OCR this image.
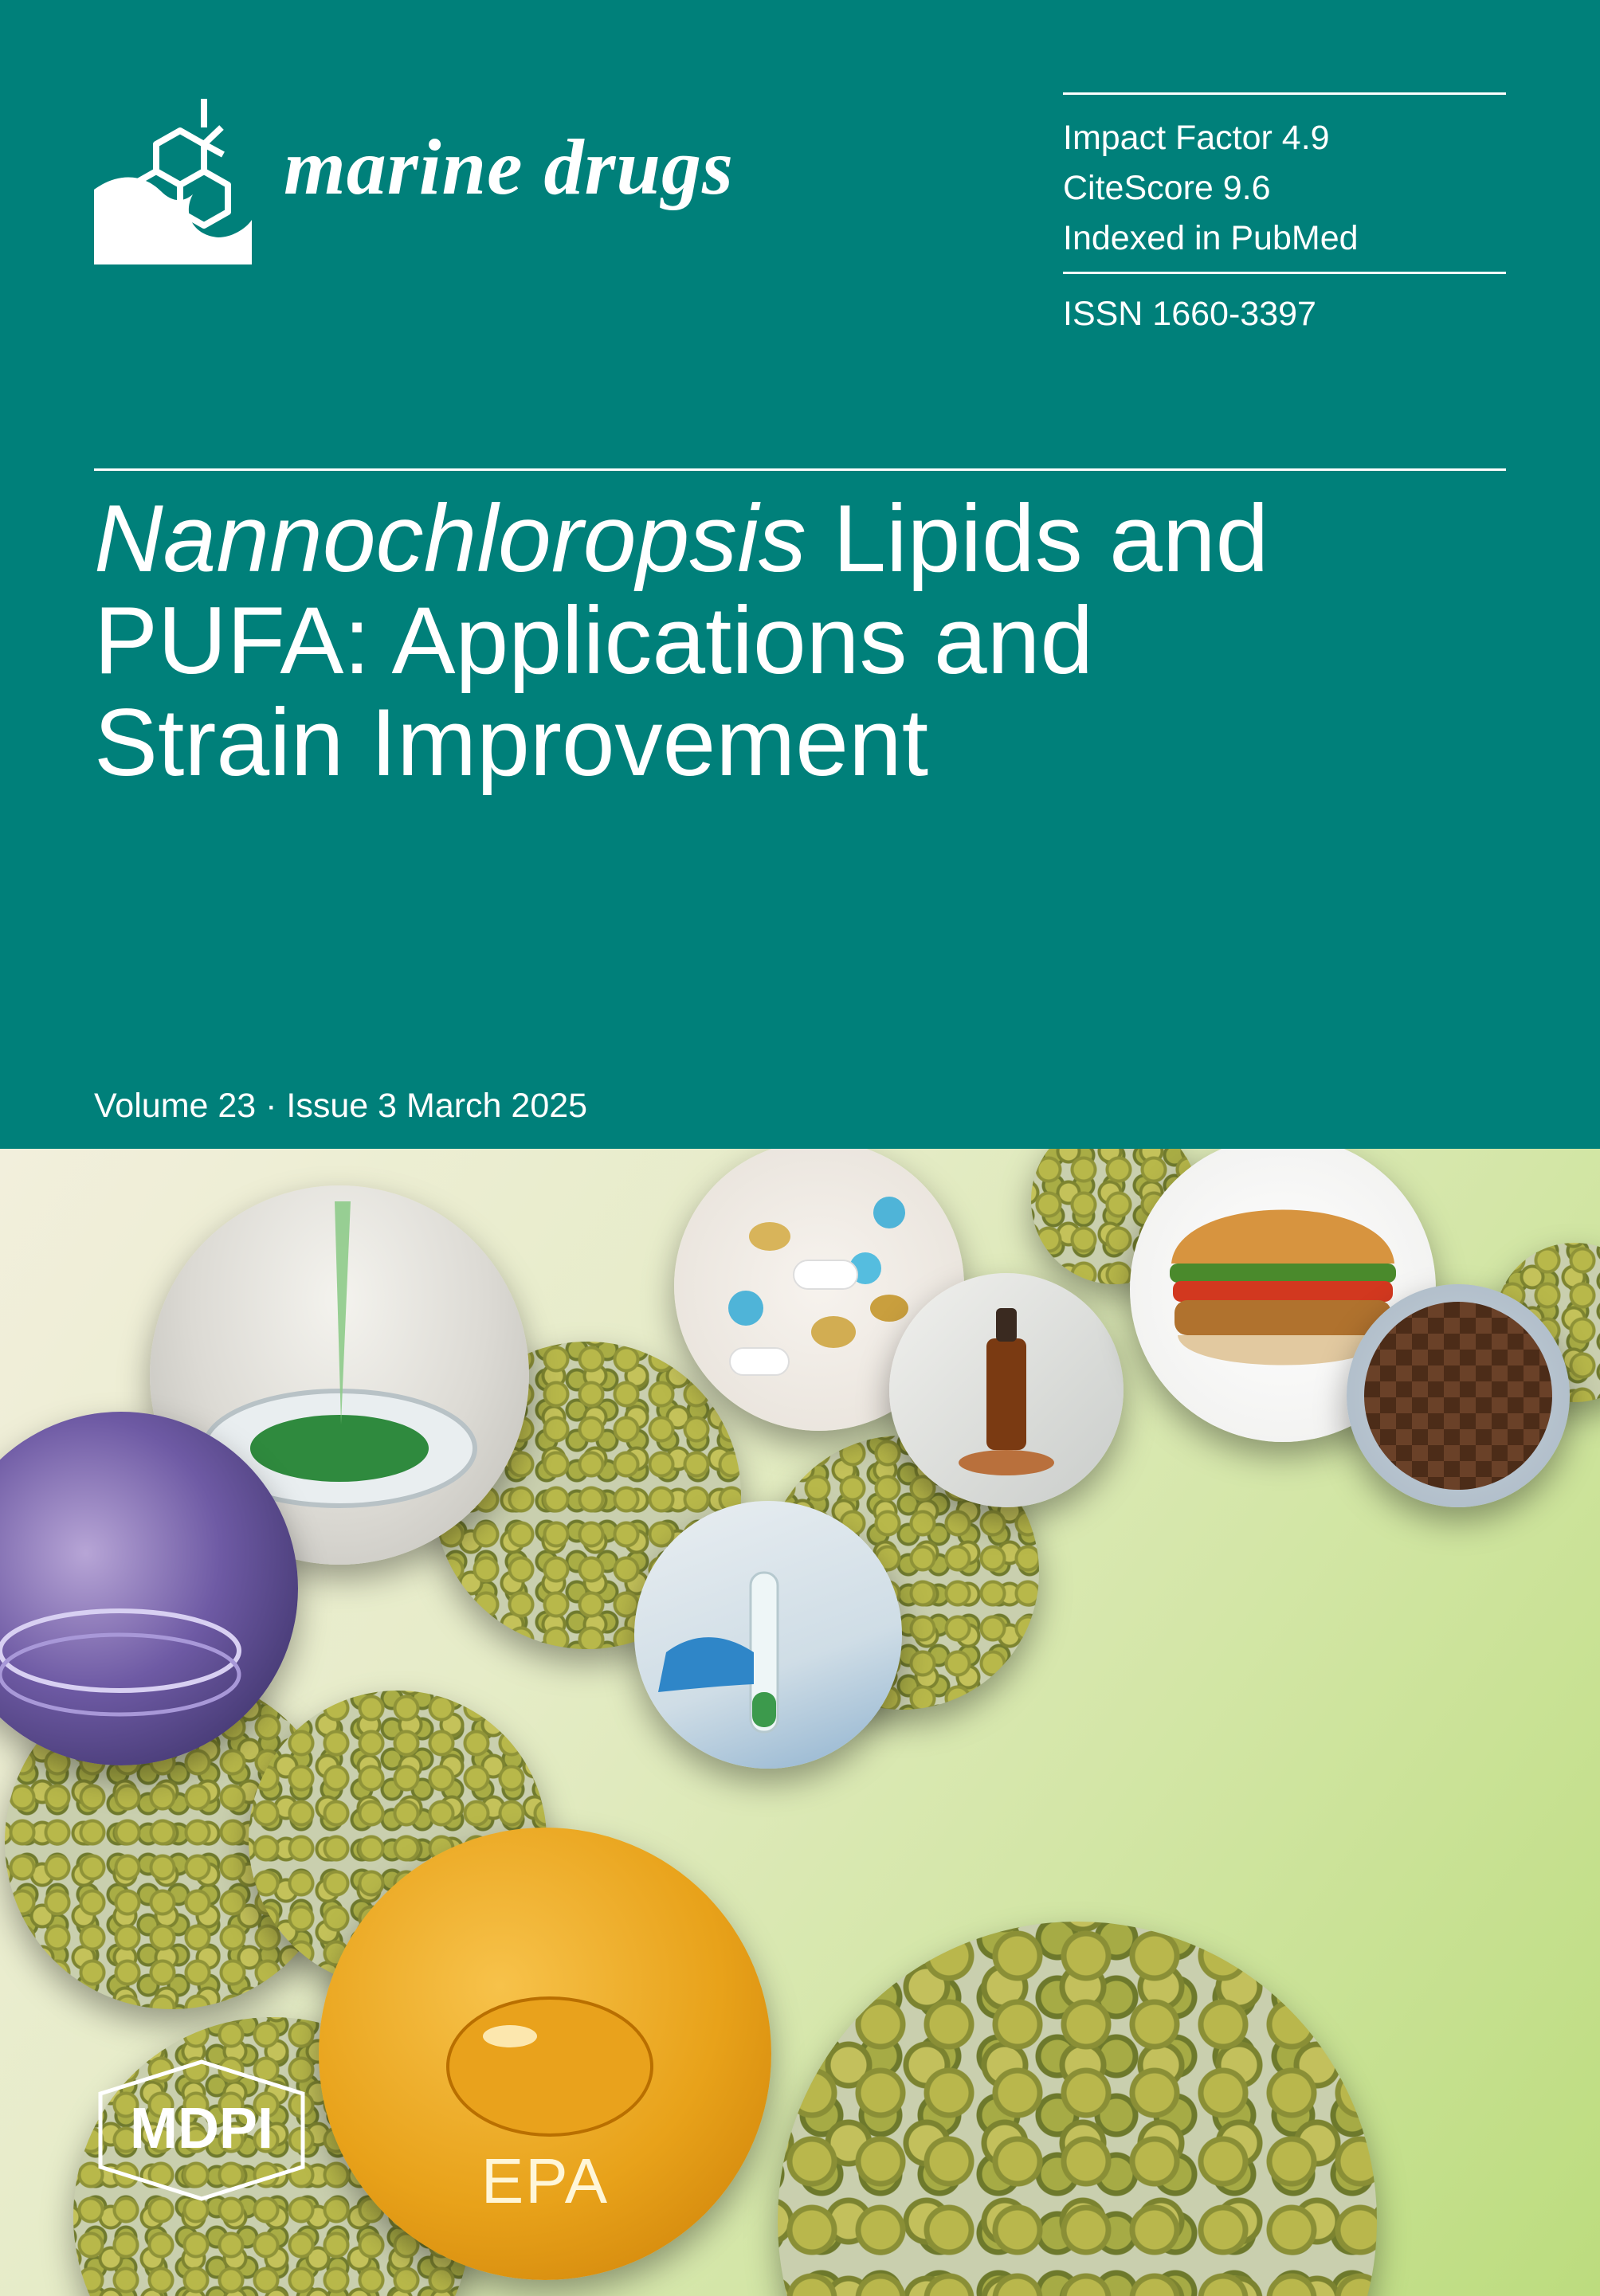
marine drugs	Impact Factor 4.9
CiteScore 9.6
Indexed in PubMed
ISSN 1660-3397
Nannochloropsis Lipids and
PUFA: Applications and
Strain Improvement
Volume 23 · Issue 3 March 2025
EPA
MDPI
